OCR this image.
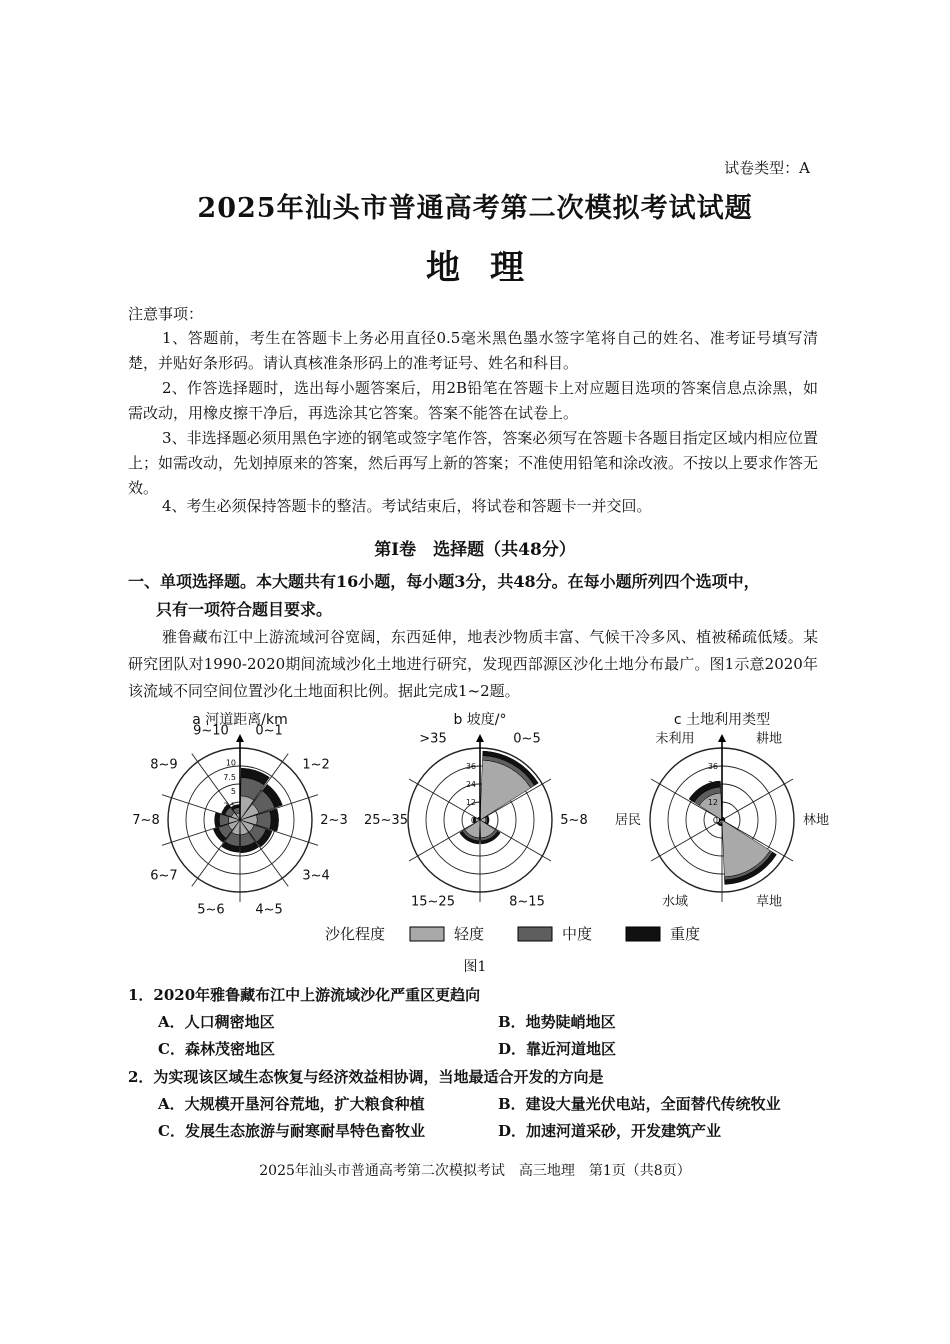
试卷类型：A
2025年汕头市普通高考第二次模拟考试试题
地理
注意事项：

1、答题前，考生在答题卡上务必用直径0.5毫米黑色墨水签字笔将自己的姓名、准考证号填写清楚，并贴好条形码。请认真核准条形码上的准考证号、姓名和科目。

2、作答选择题时，选出每小题答案后，用2B铅笔在答题卡上对应题目选项的答案信息点涂黑，如需改动，用橡皮擦干净后，再选涂其它答案。答案不能答在试卷上。

3、非选择题必须用黑色字迹的钢笔或签字笔作答，答案必须写在答题卡各题目指定区域内相应位置上；如需改动，先划掉原来的答案，然后再写上新的答案；不准使用铅笔和涂改液。不按以上要求作答无效。

4、考生必须保持答题卡的整洁。考试结束后，将试卷和答题卡一并交回。

第I卷　选择题（共48分）
一、单项选择题。本大题共有16小题，每小题3分，共48分。在每小题所列四个选项中，
只有一项符合题目要求。

雅鲁藏布江中上游流域河谷宽阔，东西延伸，地表沙物质丰富、气候干冷多风、植被稀疏低矮。某研究团队对1990-2020期间流域沙化土地进行研究，发现西部源区沙化土地分布最广。图1示意2020年该流域不同空间位置沙化土地面积比例。据此完成1~2题。

a 河道距离/km
0~1
1~2
2~3
3~4
4~5
5~6
6~7
7~8
8~9
9~10
2.5
5
7.5
10
b 坡度/°
0~5
5~8
8~15
15~25
25~35
>35
0
12
24
36
c 土地利用类型
耕地
林地
草地
水域
居民
未利用
0
12
24
36
沙化程度	轻度	中度	重度
图1
1．2020年雅鲁藏布江中上游流域沙化严重区更趋向
A．人口稠密地区	B．地势陡峭地区
C．森林茂密地区	D．靠近河道地区
2．为实现该区域生态恢复与经济效益相协调，当地最适合开发的方向是
A．大规模开垦河谷荒地，扩大粮食种植	B．建设大量光伏电站，全面替代传统牧业
C．发展生态旅游与耐寒耐旱特色畜牧业	D．加速河道采砂，开发建筑产业
2025年汕头市普通高考第二次模拟考试　高三地理　第1页（共8页）
